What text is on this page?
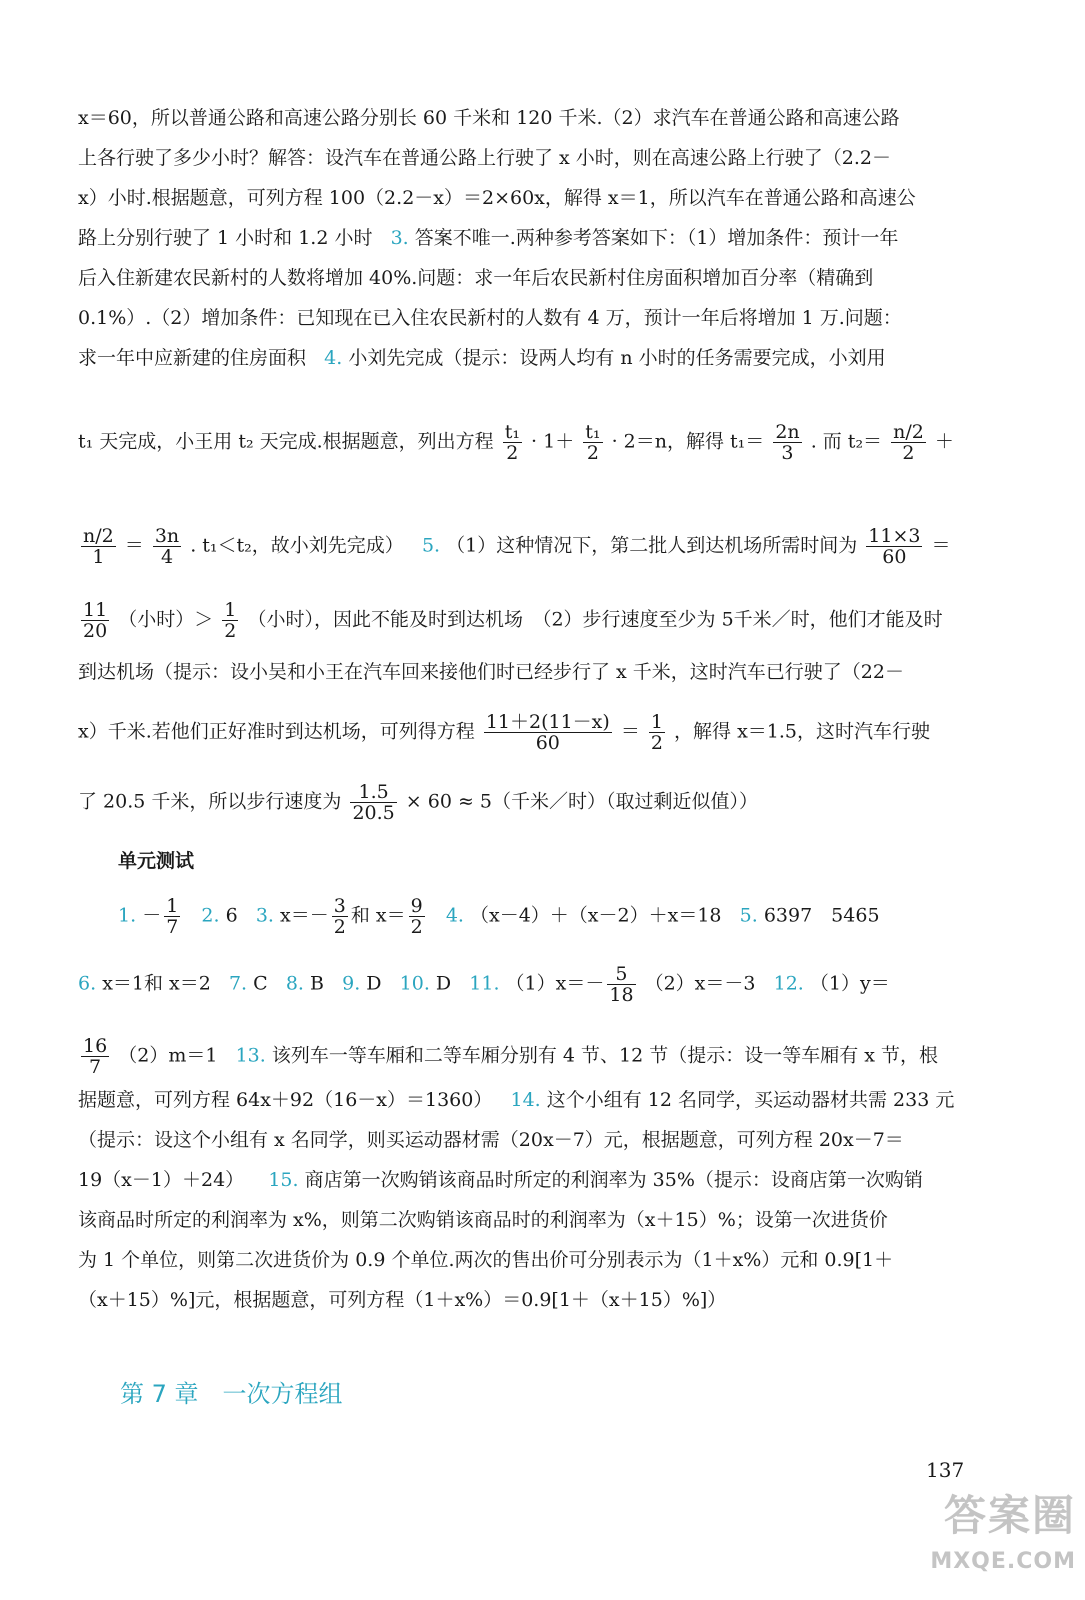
x＝60，所以普通公路和高速公路分别长 60 千米和 120 千米.（2）求汽车在普通公路和高速公路
上各行驶了多少小时？解答：设汽车在普通公路上行驶了 x 小时，则在高速公路上行驶了（2.2－
x）小时.根据题意，可列方程 100（2.2－x）＝2×60x，解得 x＝1，所以汽车在普通公路和高速公
路上分别行驶了 1 小时和 1.2 小时 3. 答案不唯一.两种参考答案如下：（1）增加条件：预计一年
后入住新建农民新村的人数将增加 40%.问题：求一年后农民新村住房面积增加百分率（精确到
0.1%）.（2）增加条件：已知现在已入住农民新村的人数有 4 万，预计一年后将增加 1 万.问题：
求一年中应新建的住房面积 4. 小刘先完成（提示：设两人均有 n 小时的任务需要完成，小刘用
t₁ 天完成，小王用 t₂ 天完成.根据题意，列出方程 $\frac{\text{t₁}}{2} \cdot 1+ \frac{\text{t₁}}{2} \cdot 2=n$，解得 $t_1= \frac{2n}{3}$ . 而 $t_2= \frac{n/2}{2}$ ＋
$\frac{n/2}{1} = \frac{3n}{4}$ . t₁＜t₂，故小刘先完成） 5. （1）这种情况下，第二批人到达机场所需时间为 $\frac{11\times 3}{60}$ ＝
$\frac{11}{20}$ （小时）＞ $\frac{1}{2}$ （小时），因此不能及时到达机场　（2）步行速度至少为 5千米／时，他们才能及时
到达机场（提示：设小吴和小王在汽车回来接他们时已经步行了 x 千米，这时汽车已行驶了（22－
x）千米.若他们正好准时到达机场，可列得方程 $\frac{11+2(11-x)}{60} = \frac{1}{2}$ ，解得 x＝1.5，这时汽车行驶
了 20.5 千米，所以步行速度为 $\frac{1.5}{20.5} \times 60 \approx 5$（千米／时）（取过剩近似值））
单元测试
1. － $\frac{1}{7} 2$. 6 3. $x=- \frac{3}{2}$ 和 $x= \frac{9}{2} 4$. （x－4）＋（x－2）＋x＝18 5. 6397　5465
6. x＝1和 x＝2 7. C 8. B 9. D 10. D 11. $(1)x=- \frac{5}{18} (2)x=-3$ 12. （1）y＝
$\frac{16}{7} (2)m=1$ 13. 该列车一等车厢和二等车厢分别有 4 节、12 节（提示：设一等车厢有 x 节，根
据题意，可列方程 64x＋92（16－x）＝1360） 14. 这个小组有 12 名同学，买运动器材共需 233 元
（提示：设这个小组有 x 名同学，则买运动器材需（20x－7）元，根据题意，可列方程 20x－7＝
19（x－1）＋24） 15. 商店第一次购销该商品时所定的利润率为 35%（提示：设商店第一次购销
该商品时所定的利润率为 x%，则第二次购销该商品时的利润率为（x＋15）%；设第一次进货价
为 1 个单位，则第二次进货价为 0.9 个单位.两次的售出价可分别表示为（1＋x%）元和 0.9[1＋
（x＋15）%]元，根据题意，可列方程（1＋x%）＝0.9[1＋（x＋15）%]）
第 7 章 一次方程组
137
答案圈
MXQE.COM
